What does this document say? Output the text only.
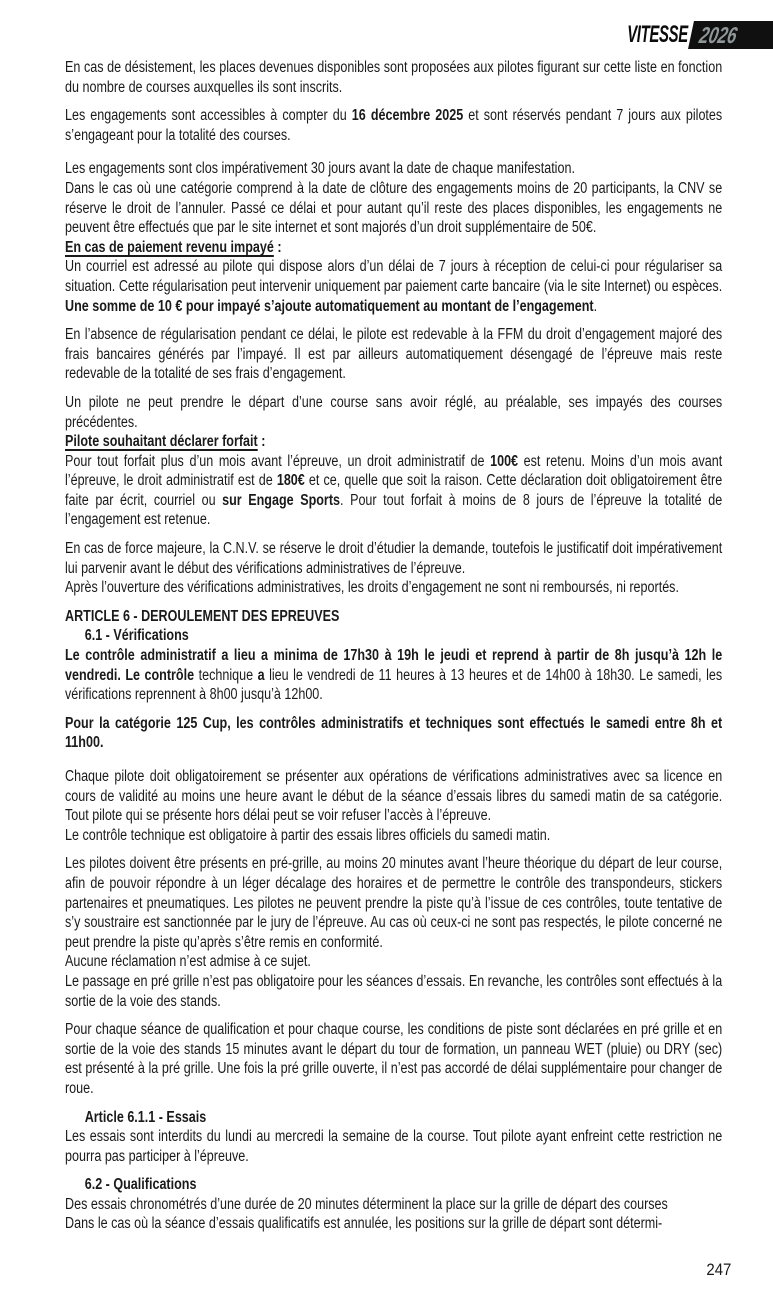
VITESSE 2026

En cas de désistement, les places devenues disponibles sont proposées aux pilotes figurant sur cette liste en fonction du nombre de courses auxquelles ils sont inscrits.

Les engagements sont accessibles à compter du 16 décembre 2025 et sont réservés pendant 7 jours aux pilotes s’engageant pour la totalité des courses.

Les engagements sont clos impérativement 30 jours avant la date de chaque manifestation.

Dans le cas où une catégorie comprend à la date de clôture des engagements moins de 20 participants, la CNV se réserve le droit de l’annuler. Passé ce délai et pour autant qu’il reste des places disponibles, les engagements ne peuvent être effectués que par le site internet et sont majorés d’un droit supplémentaire de 50€.

En cas de paiement revenu impayé :

Un courriel est adressé au pilote qui dispose alors d’un délai de 7 jours à réception de celui-ci pour régulariser sa situation. Cette régularisation peut intervenir uniquement par paiement carte bancaire (via le site Internet) ou espèces. Une somme de 10 € pour impayé s’ajoute automatiquement au montant de l’engagement.

En l’absence de régularisation pendant ce délai, le pilote est redevable à la FFM du droit d’engagement majoré des frais bancaires générés par l’impayé. Il est par ailleurs automatiquement désengagé de l’épreuve mais reste redevable de la totalité de ses frais d’engagement.

Un pilote ne peut prendre le départ d’une course sans avoir réglé, au préalable, ses impayés des courses précédentes.

Pilote souhaitant déclarer forfait :

Pour tout forfait plus d’un mois avant l’épreuve, un droit administratif de 100€ est retenu. Moins d’un mois avant l’épreuve, le droit administratif est de 180€ et ce, quelle que soit la raison. Cette déclaration doit obligatoirement être faite par écrit, courriel ou sur Engage Sports. Pour tout forfait à moins de 8 jours de l’épreuve la totalité de l’engagement est retenue.

En cas de force majeure, la C.N.V. se réserve le droit d’étudier la demande, toutefois le justificatif doit impérativement lui parvenir avant le début des vérifications administratives de l’épreuve.

Après l’ouverture des vérifications administratives, les droits d’engagement ne sont ni remboursés, ni reportés.

ARTICLE 6 - DEROULEMENT DES EPREUVES

6.1 - Vérifications

Le contrôle administratif a lieu a minima de 17h30 à 19h le jeudi et reprend à partir de 8h jusqu’à 12h le vendredi. Le contrôle technique a lieu le vendredi de 11 heures à 13 heures et de 14h00 à 18h30. Le samedi, les vérifications reprennent à 8h00 jusqu’à 12h00.

Pour la catégorie 125 Cup, les contrôles administratifs et techniques sont effectués le samedi entre 8h et 11h00.

Chaque pilote doit obligatoirement se présenter aux opérations de vérifications administratives avec sa licence en cours de validité au moins une heure avant le début de la séance d’essais libres du samedi matin de sa catégorie. Tout pilote qui se présente hors délai peut se voir refuser l’accès à l’épreuve.

Le contrôle technique est obligatoire à partir des essais libres officiels du samedi matin.

Les pilotes doivent être présents en pré-grille, au moins 20 minutes avant l’heure théorique du départ de leur course, afin de pouvoir répondre à un léger décalage des horaires et de permettre le contrôle des transpondeurs, stickers partenaires et pneumatiques. Les pilotes ne peuvent prendre la piste qu’à l’issue de ces contrôles, toute tentative de s’y soustraire est sanctionnée par le jury de l’épreuve. Au cas où ceux-ci ne sont pas respectés, le pilote concerné ne peut prendre la piste qu’après s’être remis en conformité.

Aucune réclamation n’est admise à ce sujet.

Le passage en pré grille n’est pas obligatoire pour les séances d’essais. En revanche, les contrôles sont effectués à la sortie de la voie des stands.

Pour chaque séance de qualification et pour chaque course, les conditions de piste sont déclarées en pré grille et en sortie de la voie des stands 15 minutes avant le départ du tour de formation, un panneau WET (pluie) ou DRY (sec) est présenté à la pré grille. Une fois la pré grille ouverte, il n’est pas accordé de délai supplémentaire pour changer de roue.

Article 6.1.1 - Essais

Les essais sont interdits du lundi au mercredi la semaine de la course. Tout pilote ayant enfreint cette restriction ne pourra pas participer à l’épreuve.

6.2 - Qualifications

Des essais chronométrés d’une durée de 20 minutes déterminent la place sur la grille de départ des courses

Dans le cas où la séance d’essais qualificatifs est annulée, les positions sur la grille de départ sont détermi-

247
